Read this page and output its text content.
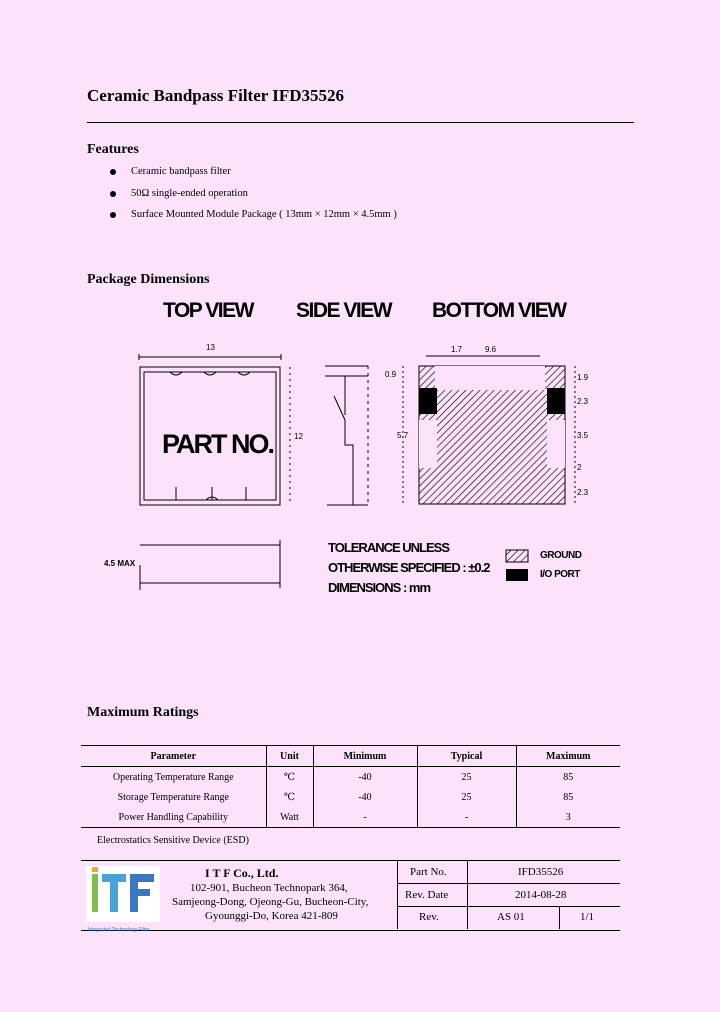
Ceramic Bandpass Filter IFD35526
Features
Ceramic bandpass filter
50Ω single-ended operation
Surface Mounted Module Package ( 13mm × 12mm × 4.5mm )
Package Dimensions
TOP VIEW SIDE VIEW BOTTOM VIEW
13
12
PART NO.
4.5 MAX
1.7	9.6
0.9
5.7
1.9
2.3
3.5
2
2.3
TOLERANCE UNLESS
OTHERWISE SPECIFIED : ±0.2
DIMENSIONS : mm
GROUND
I/O PORT
Maximum Ratings
Parameter	Unit	Minimum	Typical	Maximum
Operating Temperature Range	℃	-40	25	85
Storage Temperature Range	℃	-40	25	85
Power Handling Capability	Watt	-	-	3
Electrostatics Sensitive Device (ESD)
Integrated Technology Filter
I T F Co., Ltd.
102-901, Bucheon Technopark 364,
Samjeong-Dong, Ojeong-Gu, Bucheon-City,
Gyounggi-Do, Korea 421-809
Part No.	IFD35526
Rev. Date	2014-08-28
Rev.	AS 01	1/1
